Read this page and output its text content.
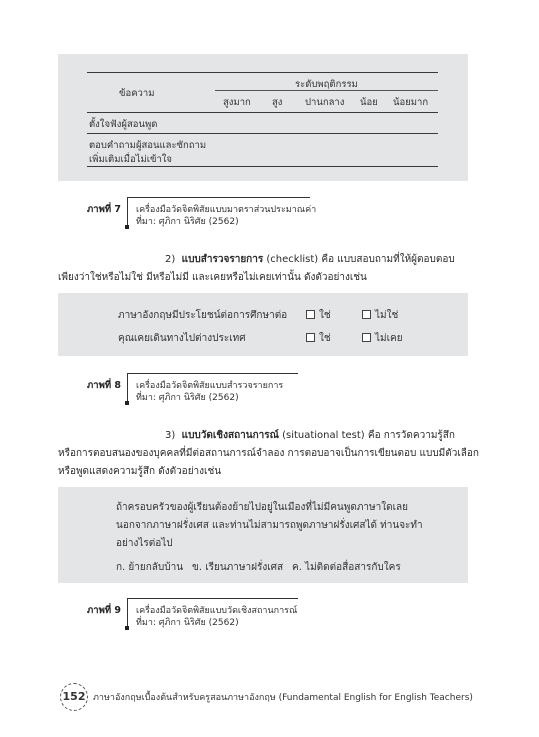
ระดับพฤติกรรม
ข้อความ
สูงมาก สูง ปานกลาง น้อย น้อยมาก
ตั้งใจฟังผู้สอนพูด
ตอบคำถามผู้สอนและซักถาม
เพิ่มเติมเมื่อไม่เข้าใจ
ภาพที่ 7 เครื่องมือวัดจิตพิสัยแบบมาตราส่วนประมาณค่า
ที่มา: ศุภิกา นิริศัย (2562)
2) แบบสำรวจรายการ (checklist) คือ แบบสอบถามที่ให้ผู้ตอบตอบ
เพียงว่าใช่หรือไม่ใช่ มีหรือไม่มี และเคยหรือไม่เคยเท่านั้น ดังตัวอย่างเช่น
ภาษาอังกฤษมีประโยชน์ต่อการศึกษาต่อ	ใช่	ไม่ใช่
คุณเคยเดินทางไปต่างประเทศ	ใช่	ไม่เคย
ภาพที่ 8 เครื่องมือวัดจิตพิสัยแบบสำรวจรายการ
ที่มา: ศุภิกา นิริศัย (2562)
3) แบบวัดเชิงสถานการณ์ (situational test) คือ การวัดความรู้สึก
หรือการตอบสนองของบุคคลที่มีต่อสถานการณ์จำลอง การตอบอาจเป็นการเขียนตอบ แบบมีตัวเลือก
หรือพูดแสดงความรู้สึก ดังตัวอย่างเช่น
ถ้าครอบครัวของผู้เรียนต้องย้ายไปอยู่ในเมืองที่ไม่มีคนพูดภาษาใดเลย
นอกจากภาษาฝรั่งเศส และท่านไม่สามารถพูดภาษาฝรั่งเศสได้ ท่านจะทำ
อย่างไรต่อไป
ก. ย้ายกลับบ้าน ข. เรียนภาษาฝรั่งเศส ค. ไม่ติดต่อสื่อสารกับใคร
ภาพที่ 9 เครื่องมือวัดจิตพิสัยแบบวัดเชิงสถานการณ์
ที่มา: ศุภิกา นิริศัย (2562)
152 ภาษาอังกฤษเบื้องต้นสำหรับครูสอนภาษาอังกฤษ (Fundamental English for English Teachers)
